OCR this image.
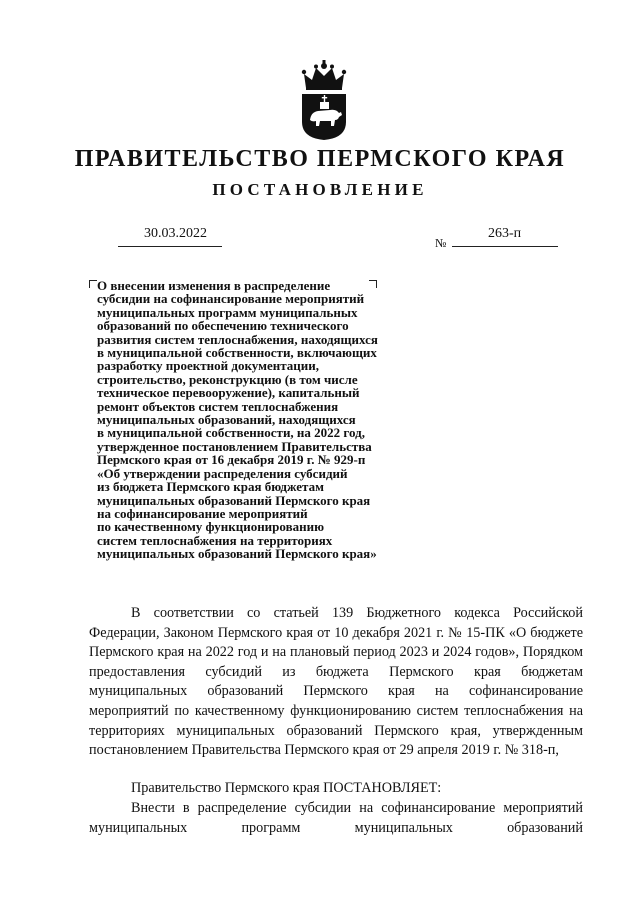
ПРАВИТЕЛЬСТВО ПЕРМСКОГО КРАЯ
ПОСТАНОВЛЕНИЕ
30.03.2022
№
263-п
О внесении изменения в распределение
субсидии на софинансирование мероприятий
муниципальных программ муниципальных
образований по обеспечению технического
развития систем теплоснабжения, находящихся
в муниципальной собственности, включающих
разработку проектной документации,
строительство, реконструкцию (в том числе
техническое перевооружение), капитальный
ремонт объектов систем теплоснабжения
муниципальных образований, находящихся
в муниципальной собственности, на 2022 год,
утвержденное постановлением Правительства
Пермского края от 16 декабря 2019 г. № 929-п
«Об утверждении распределения субсидий
из бюджета Пермского края бюджетам
муниципальных образований Пермского края
на софинансирование мероприятий
по качественному функционированию
систем теплоснабжения на территориях
муниципальных образований Пермского края»
В соответствии со статьей 139 Бюджетного кодекса Российской Федерации, Законом Пермского края от 10 декабря 2021 г. № 15-ПК «О бюджете Пермского края на 2022 год и на плановый период 2023 и 2024 годов», Порядком предоставления субсидий из бюджета Пермского края бюджетам муниципальных образований Пермского края на софинансирование мероприятий по качественному функционированию систем теплоснабжения на территориях муниципальных образований Пермского края, утвержденным постановлением Правительства Пермского края от 29 апреля 2019 г. № 318-п,
Правительство Пермского края ПОСТАНОВЛЯЕТ:
Внести в распределение субсидии на софинансирование мероприятий муниципальных программ муниципальных образований
